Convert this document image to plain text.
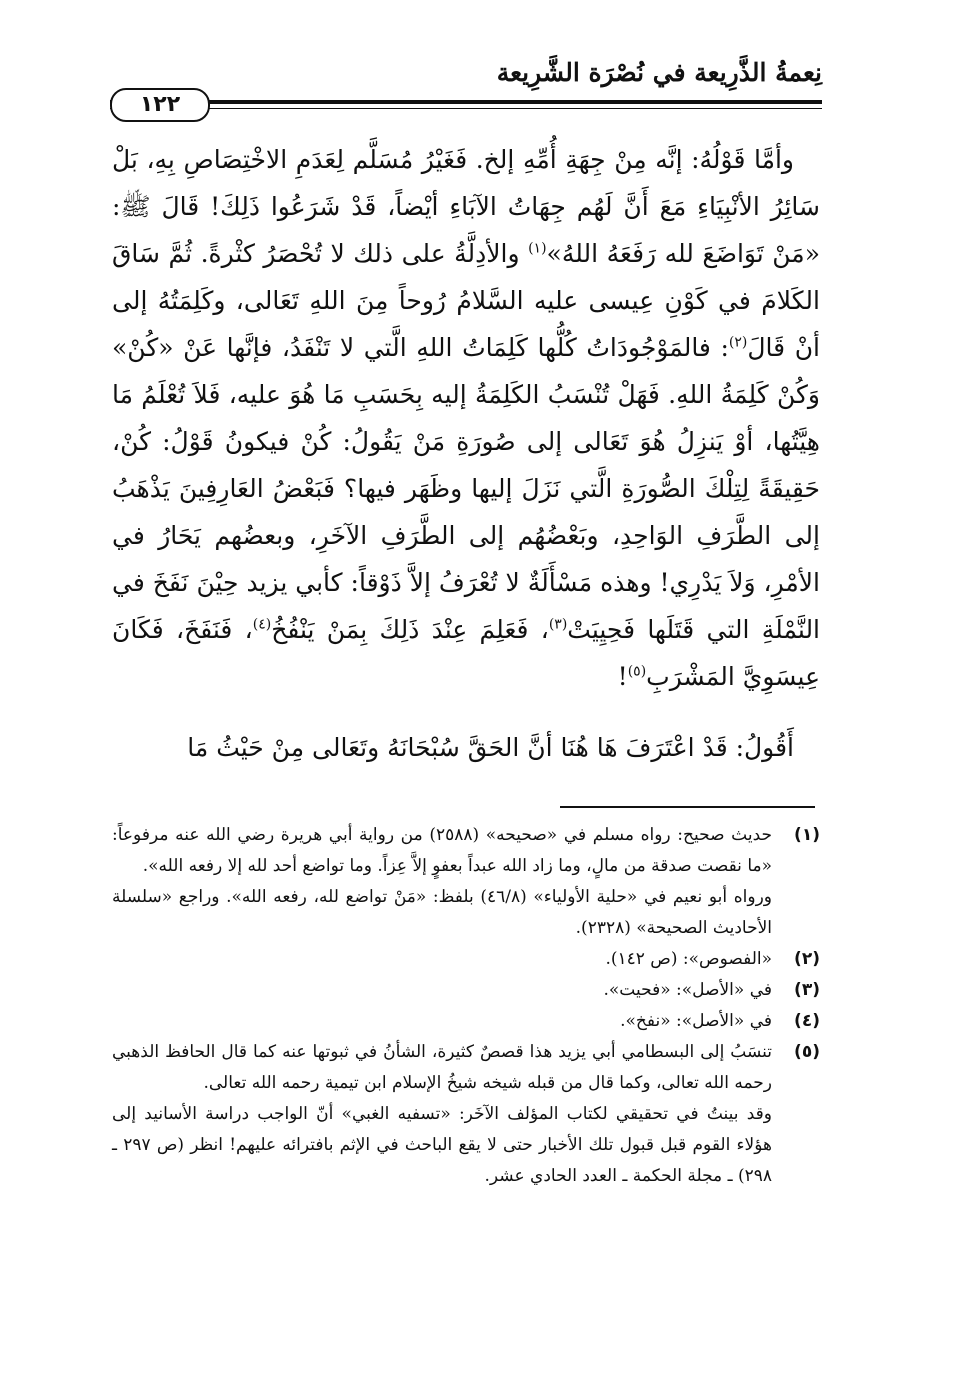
نِعمةُ الذَّرِيعة في نُصْرَة الشَّرِيعة
١٢٢

وأمَّا قَوْلُهُ: إنَّه مِنْ جِهَةِ أُمِّهِ إلخ. فَغَيْرُ مُسَلَّم لِعَدَمِ الاخْتِصَاصِ بِهِ، بَلْ سَائِرُ الأنْبِيَاءِ مَعَ أَنَّ لَهُم جِهَاتُ الآبَاءِ أيْضاً، قَدْ شَرَعُوا ذَلِكَ! قَالَ ﷺ: «مَنْ تَوَاضَعَ لله رَفَعَهُ اللهُ»$^{(١)}$ والأدِلَّةُ على ذلك لا تُحْصَرُ كثْرةً. ثُمَّ سَاقَ الكَلامَ في كَوْنِ عِيسى عليه السَّلامُ رُوحاً مِنَ اللهِ تَعَالى، وكَلِمَتُهُ إلى أنْ قَالَ$^{(٢)}$: فالمَوْجُودَاتُ كُلُّها كَلِمَاتُ اللهِ الَّتي لا تَنْفَدُ، فإنَّها عَنْ «كُنْ» وَكُنْ كَلِمَةُ اللهِ. فَهَلْ تُنْسَبُ الكَلِمَةُ إليه بِحَسَبِ مَا هُوَ عليه، فَلاَ تُعْلَمُ مَا هِيَّتُها، أوْ يَنزِلُ هُوَ تَعَالى إلى صُورَةِ مَنْ يَقُولُ: كُنْ فيكونُ قَوْلُ: كُنْ، حَقِيقَةً لِتِلْكَ الصُّورَةِ الَّتي نَزَلَ إليها وظَهَر فيها؟ فَبَعْضُ العَارِفِينَ يَذْهَبُ إلى الطَّرَفِ الوَاحِدِ، وبَعْضُهُم إلى الطَّرَفِ الآخَرِ، وبعضُهم يَحَارُ في الأمْرِ، وَلاَ يَدْرِي! وهذه مَسْأَلَةٌ لا تُعْرَفُ إلاَّ ذَوْقاً: كأبي يزيد حِيْنَ نَفَخَ في النَّمْلَةِ التي قَتَلَها فَحِيِيَتْ$^{(٣)}$، فَعَلِمَ عِنْدَ ذَلِكَ بِمَنْ يَنْفُخُ$^{(٤)}$، فَنَفَخَ، فَكَانَ عِيسَوِيَّ المَشْرَبِ$^{(٥)}$!

أَقُولُ: قَدْ اعْتَرَفَ هَا هُنَا أنَّ الحَقَّ سُبْحَانَهُ وتَعَالى مِنْ حَيْثُ مَا

(١)
حديث صحيح: رواه مسلم في «صحيحه» (٢٥٨٨) من رواية أبي هريرة رضي الله عنه مرفوعاً: «ما نقصت صدقة من مالٍ، وما زاد الله عبداً بعفوٍ إلاَّ عِزاً. وما تواضع أحد لله إلا رفعه الله».
ورواه أبو نعيم في «حلية الأولياء» (٤٦/٨) بلفظ: «مَنْ تواضع لله، رفعه الله». وراجع «سلسلة الأحاديث الصحيحة» (٢٣٢٨).
(٢)
«الفصوص»: (ص ١٤٢).
(٣)
في «الأصل»: «فحيت».
(٤)
في «الأصل»: «نفخ».
(٥)
تنسَبُ إلى البسطامي أبي يزيد هذا قصصٌ كثيرة، الشأنُ في ثبوتها عنه كما قال الحافظ الذهبي رحمه الله تعالى، وكما قال من قبله شيخه شيخُ الإسلام ابن تيمية رحمه الله تعالى.
وقد بينتُ في تحقيقي لكتاب المؤلف الآخَر: «تسفيه الغبي» أنّ الواجب دراسة الأسانيد إلى هؤلاء القوم قبل قبول تلك الأخبار حتى لا يقع الباحث في الإثم بافترائه عليهم! انظر (ص ٢٩٧ ـ ٢٩٨) ـ مجلة الحكمة ـ العدد الحادي عشر.
